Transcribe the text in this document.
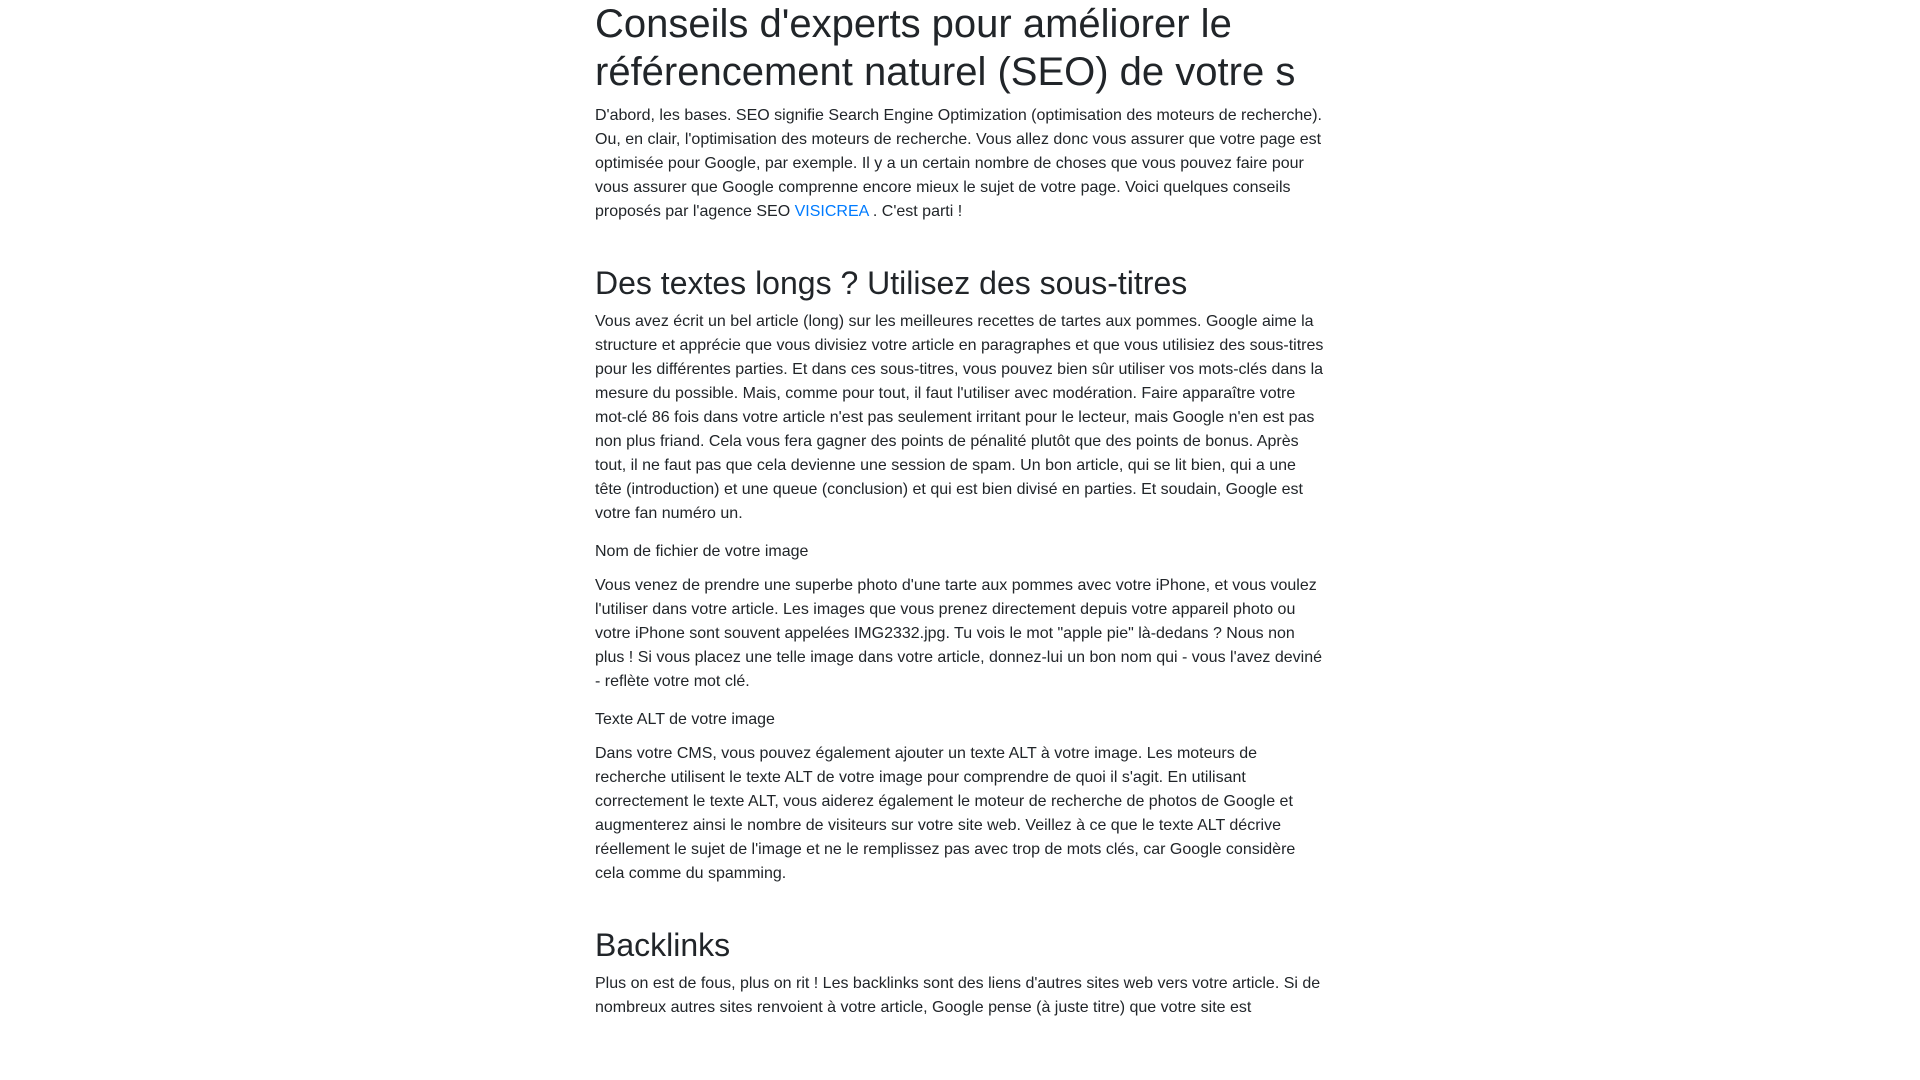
Conseils d'experts pour améliorer le référencement naturel (SEO) de votre s

D'abord, les bases. SEO signifie Search Engine Optimization (optimisation des moteurs de recherche). Ou, en clair, l'optimisation des moteurs de recherche. Vous allez donc vous assurer que votre page est optimisée pour Google, par exemple. Il y a un certain nombre de choses que vous pouvez faire pour vous assurer que Google comprenne encore mieux le sujet de votre page. Voici quelques conseils proposés par l'agence SEO VISICREA . C'est parti !

Des textes longs ? Utilisez des sous-titres

Vous avez écrit un bel article (long) sur les meilleures recettes de tartes aux pommes. Google aime la structure et apprécie que vous divisiez votre article en paragraphes et que vous utilisiez des sous-titres pour les différentes parties. Et dans ces sous-titres, vous pouvez bien sûr utiliser vos mots-clés dans la mesure du possible. Mais, comme pour tout, il faut l'utiliser avec modération. Faire apparaître votre mot-clé 86 fois dans votre article n'est pas seulement irritant pour le lecteur, mais Google n'en est pas non plus friand. Cela vous fera gagner des points de pénalité plutôt que des points de bonus. Après tout, il ne faut pas que cela devienne une session de spam. Un bon article, qui se lit bien, qui a une tête (introduction) et une queue (conclusion) et qui est bien divisé en parties. Et soudain, Google est votre fan numéro un.

Nom de fichier de votre image

Vous venez de prendre une superbe photo d'une tarte aux pommes avec votre iPhone, et vous voulez l'utiliser dans votre article. Les images que vous prenez directement depuis votre appareil photo ou votre iPhone sont souvent appelées IMG2332.jpg. Tu vois le mot "apple pie" là-dedans ? Nous non plus ! Si vous placez une telle image dans votre article, donnez-lui un bon nom qui - vous l'avez deviné - reflète votre mot clé.

Texte ALT de votre image

Dans votre CMS, vous pouvez également ajouter un texte ALT à votre image. Les moteurs de recherche utilisent le texte ALT de votre image pour comprendre de quoi il s'agit. En utilisant correctement le texte ALT, vous aiderez également le moteur de recherche de photos de Google et augmenterez ainsi le nombre de visiteurs sur votre site web. Veillez à ce que le texte ALT décrive réellement le sujet de l'image et ne le remplissez pas avec trop de mots clés, car Google considère cela comme du spamming.

Backlinks

Plus on est de fous, plus on rit ! Les backlinks sont des liens d'autres sites web vers votre article. Si de nombreux autres sites renvoient à votre article, Google pense (à juste titre) que votre site est
